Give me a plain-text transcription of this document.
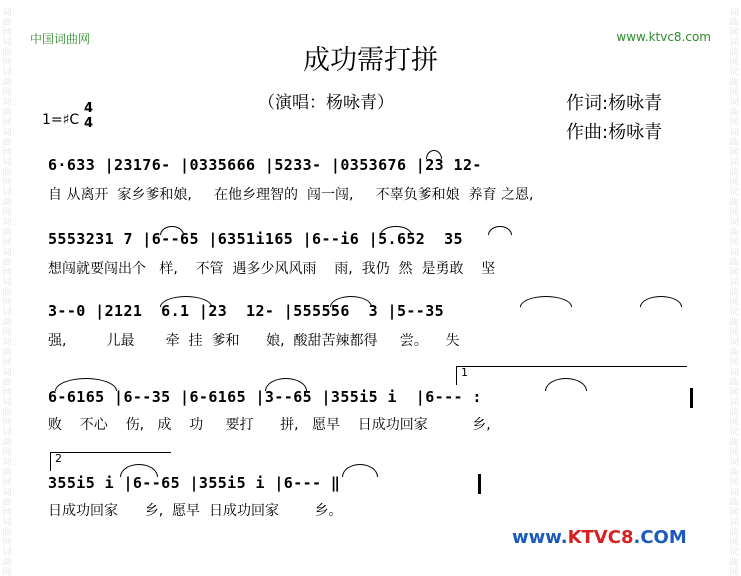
词
曲
网
词
曲
网
词
曲
网
词
曲
网
词
曲
网
词
曲
网
词
曲
网
词
曲
网
词
曲
网
词
曲
网
词
曲
网
词
曲
网
词
曲
网
词
曲
网
词
曲
网
词
曲
网
词
曲
网
词
曲
网
词
曲
网
词
曲
网
词
曲
网
词
曲
网
词
曲
网
词
曲
网
词
曲
网
词
曲
网
词
曲
网
词
曲
网
词
曲
网
词
曲
网
词
曲
网
词
曲
网
词
曲
网
词
曲
网
词
曲
网
词
曲
网
词
曲
网
词
曲
网
中国词曲网	www.ktvc8.com
成功需打拼
（演唱：杨咏青）	作词:杨咏青
作曲:杨咏青
1=♯C
4
4
6·633 |23176- |0335666 |5233- |0353676 |23 12-
自 从离开  家乡爹和娘,     在他乡理智的  闯一闯,     不辜负爹和娘  养育 之恩,
5553231 7 |6--65 |6351i165 |6--i6 |5.652  35
想闯就要闯出个   样,    不管  遇多少风风雨    雨,  我仍  然  是勇敢    坚
3--0 |2121  6.1 |23  12- |555556  3 |5--35
强,         儿最       牵  挂  爹和      娘,  酸甜苦辣都得     尝。    失
1
6-6165 |6--35 |6-6165 |3--65 |355i5 i  |6--- :
败    不心    伤,   成    功     要打      拼,   愿早    日成功回家          乡,
2
355i5 i |6--65 |355i5 i |6--- ‖
日成功回家      乡,  愿早  日成功回家        乡。
www.KTVC8.COM
